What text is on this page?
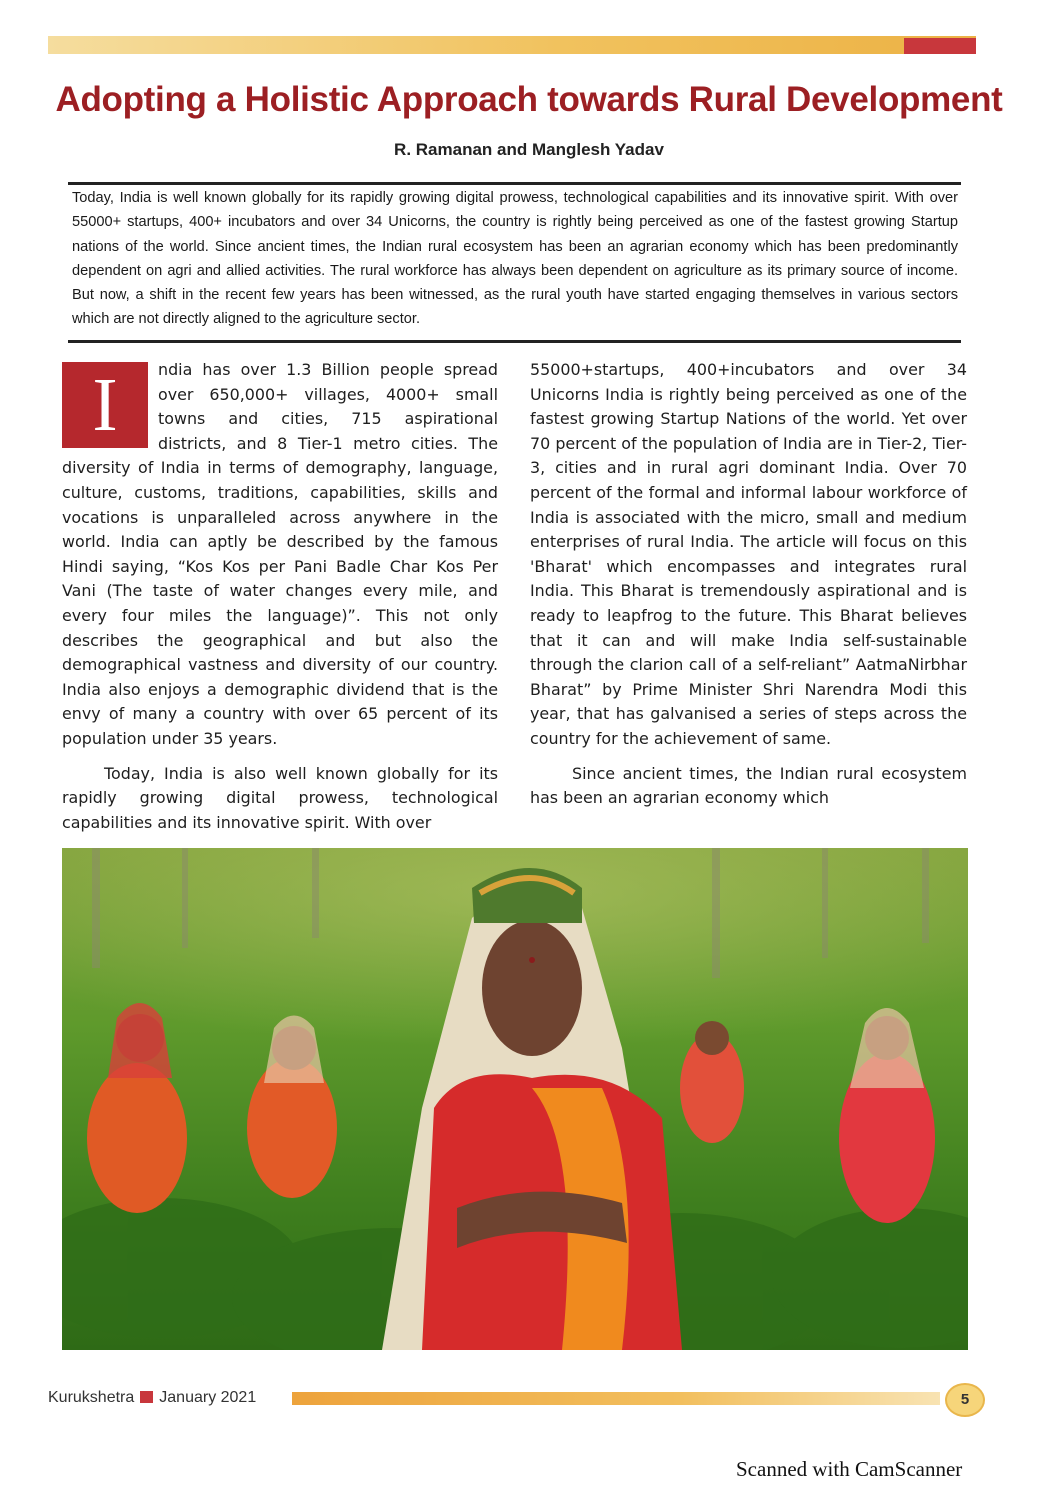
Adopting a Holistic Approach towards Rural Development
R. Ramanan and Manglesh Yadav

Today, India is well known globally for its rapidly growing digital prowess, technological capabilities and its innovative spirit. With over 55000+ startups, 400+ incubators and over 34 Unicorns, the country is rightly being perceived as one of the fastest growing Startup nations of the world. Since ancient times, the Indian rural ecosystem has been an agrarian economy which has been predominantly dependent on agri and allied activities. The rural workforce has always been dependent on agriculture as its primary source of income. But now, a shift in the recent few years has been witnessed, as the rural youth have started engaging themselves in various sectors which are not directly aligned to the agriculture sector.

I	ndia has over 1.3 Billion people spread over 650,000+ villages, 4000+ small towns and cities, 715 aspirational districts, and 8 Tier-1 metro cities. The diversity of India in terms of demography, language, culture, customs, traditions, capabilities, skills and vocations is unparalleled across anywhere in the world. India can aptly be described by the famous Hindi saying, “Kos Kos per Pani Badle Char Kos Per Vani (The taste of water changes every mile, and every four miles the language)”. This not only describes the geographical and but also the demographical vastness and diversity of our country. India also enjoys a demographic dividend that is the envy of many a country with over 65 percent of its population under 35 years.

Today, India is also well known globally for its rapidly growing digital prowess, technological capabilities and its innovative spirit. With over

55000+startups, 400+incubators and over 34 Unicorns India is rightly being perceived as one of the fastest growing Startup Nations of the world. Yet over 70 percent of the population of India are in Tier-2, Tier-3, cities and in rural agri dominant India. Over 70 percent of the formal and informal labour workforce of India is associated with the micro, small and medium enterprises of rural India. The article will focus on this 'Bharat' which encompasses and integrates rural India. This Bharat is tremendously aspirational and is ready to leapfrog to the future. This Bharat believes that it can and will make India self-sustainable through the clarion call of a self-reliant” AatmaNirbhar Bharat” by Prime Minister Shri Narendra Modi this year, that has galvanised a series of steps across the country for the achievement of same.

Since ancient times, the Indian rural ecosystem has been an agrarian economy which

Kurukshetra January 2021	5
Scanned with CamScanner
